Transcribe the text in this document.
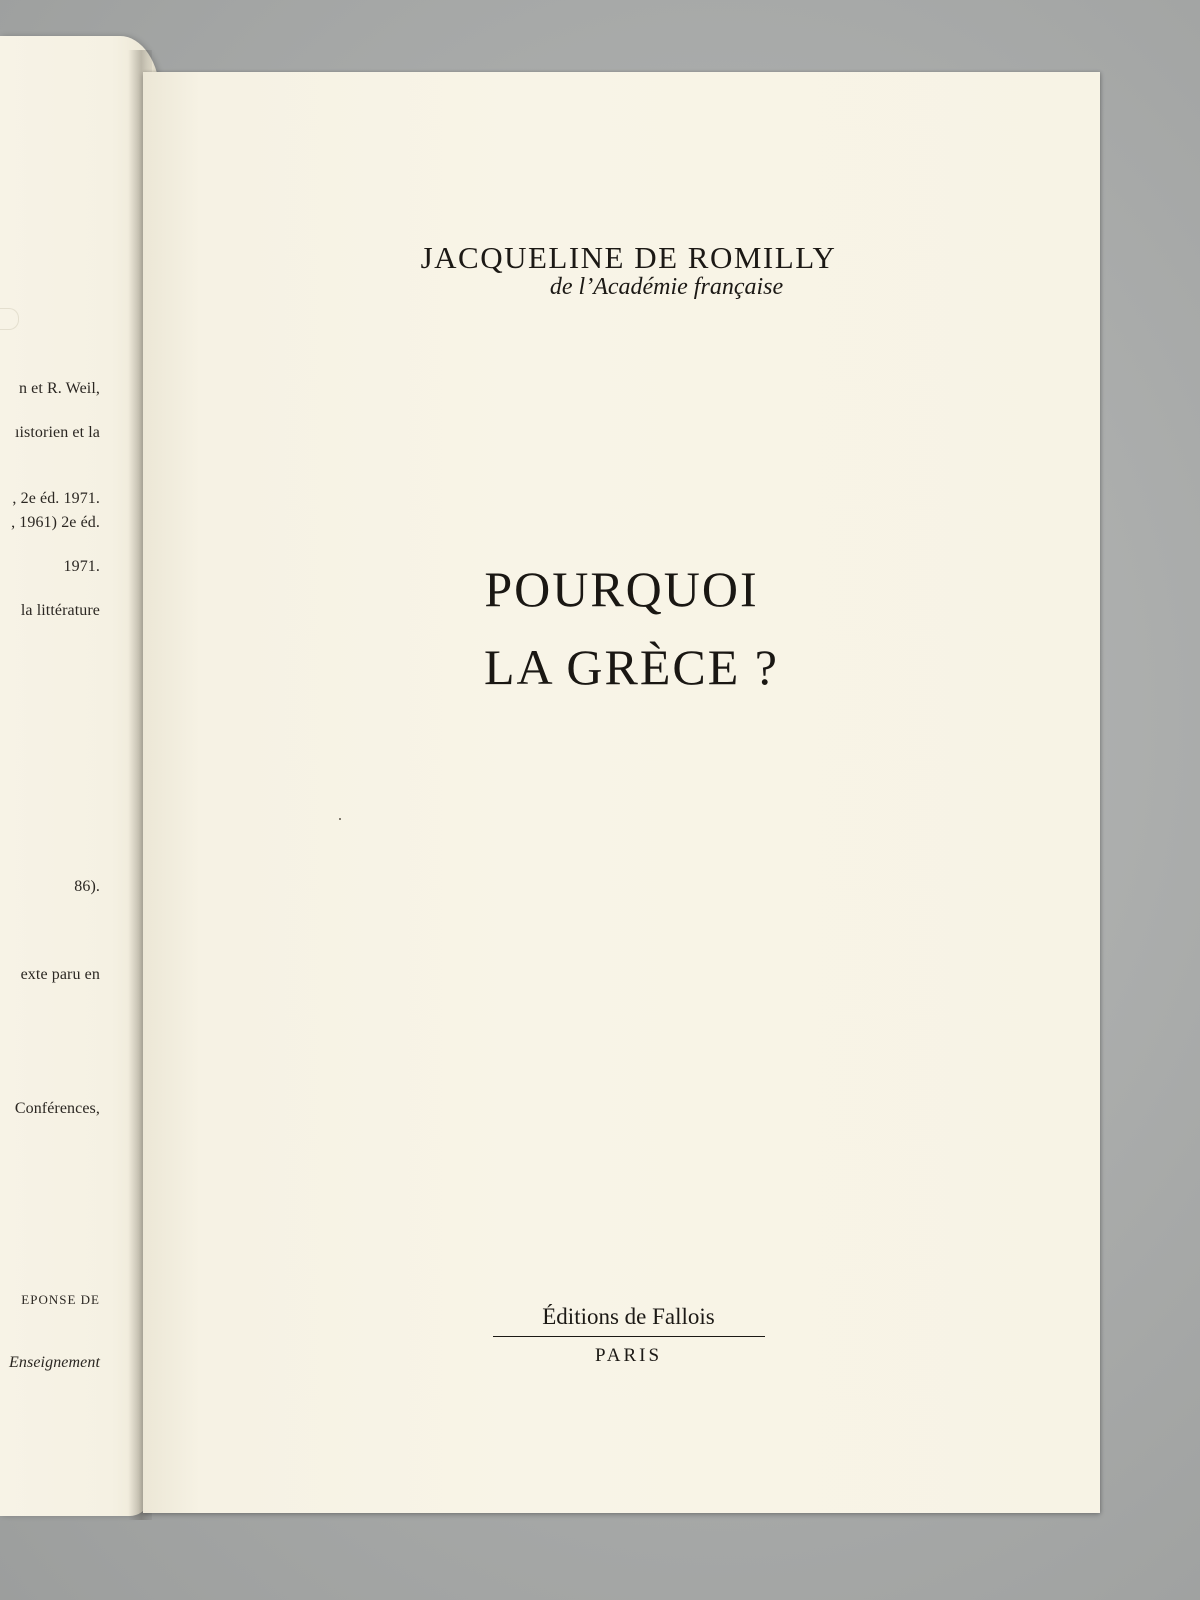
n et R. Weil,
ıistorien et la
, 2e éd. 1971.
, 1961) 2e éd.
1971.
la littérature
86).
exte paru en
Conférences,
EPONSE DE
Enseignement
JACQUELINE DE ROMILLY
de l’Académie française
POURQUOI
LA GRÈCE ?
Éditions de Fallois
PARIS
